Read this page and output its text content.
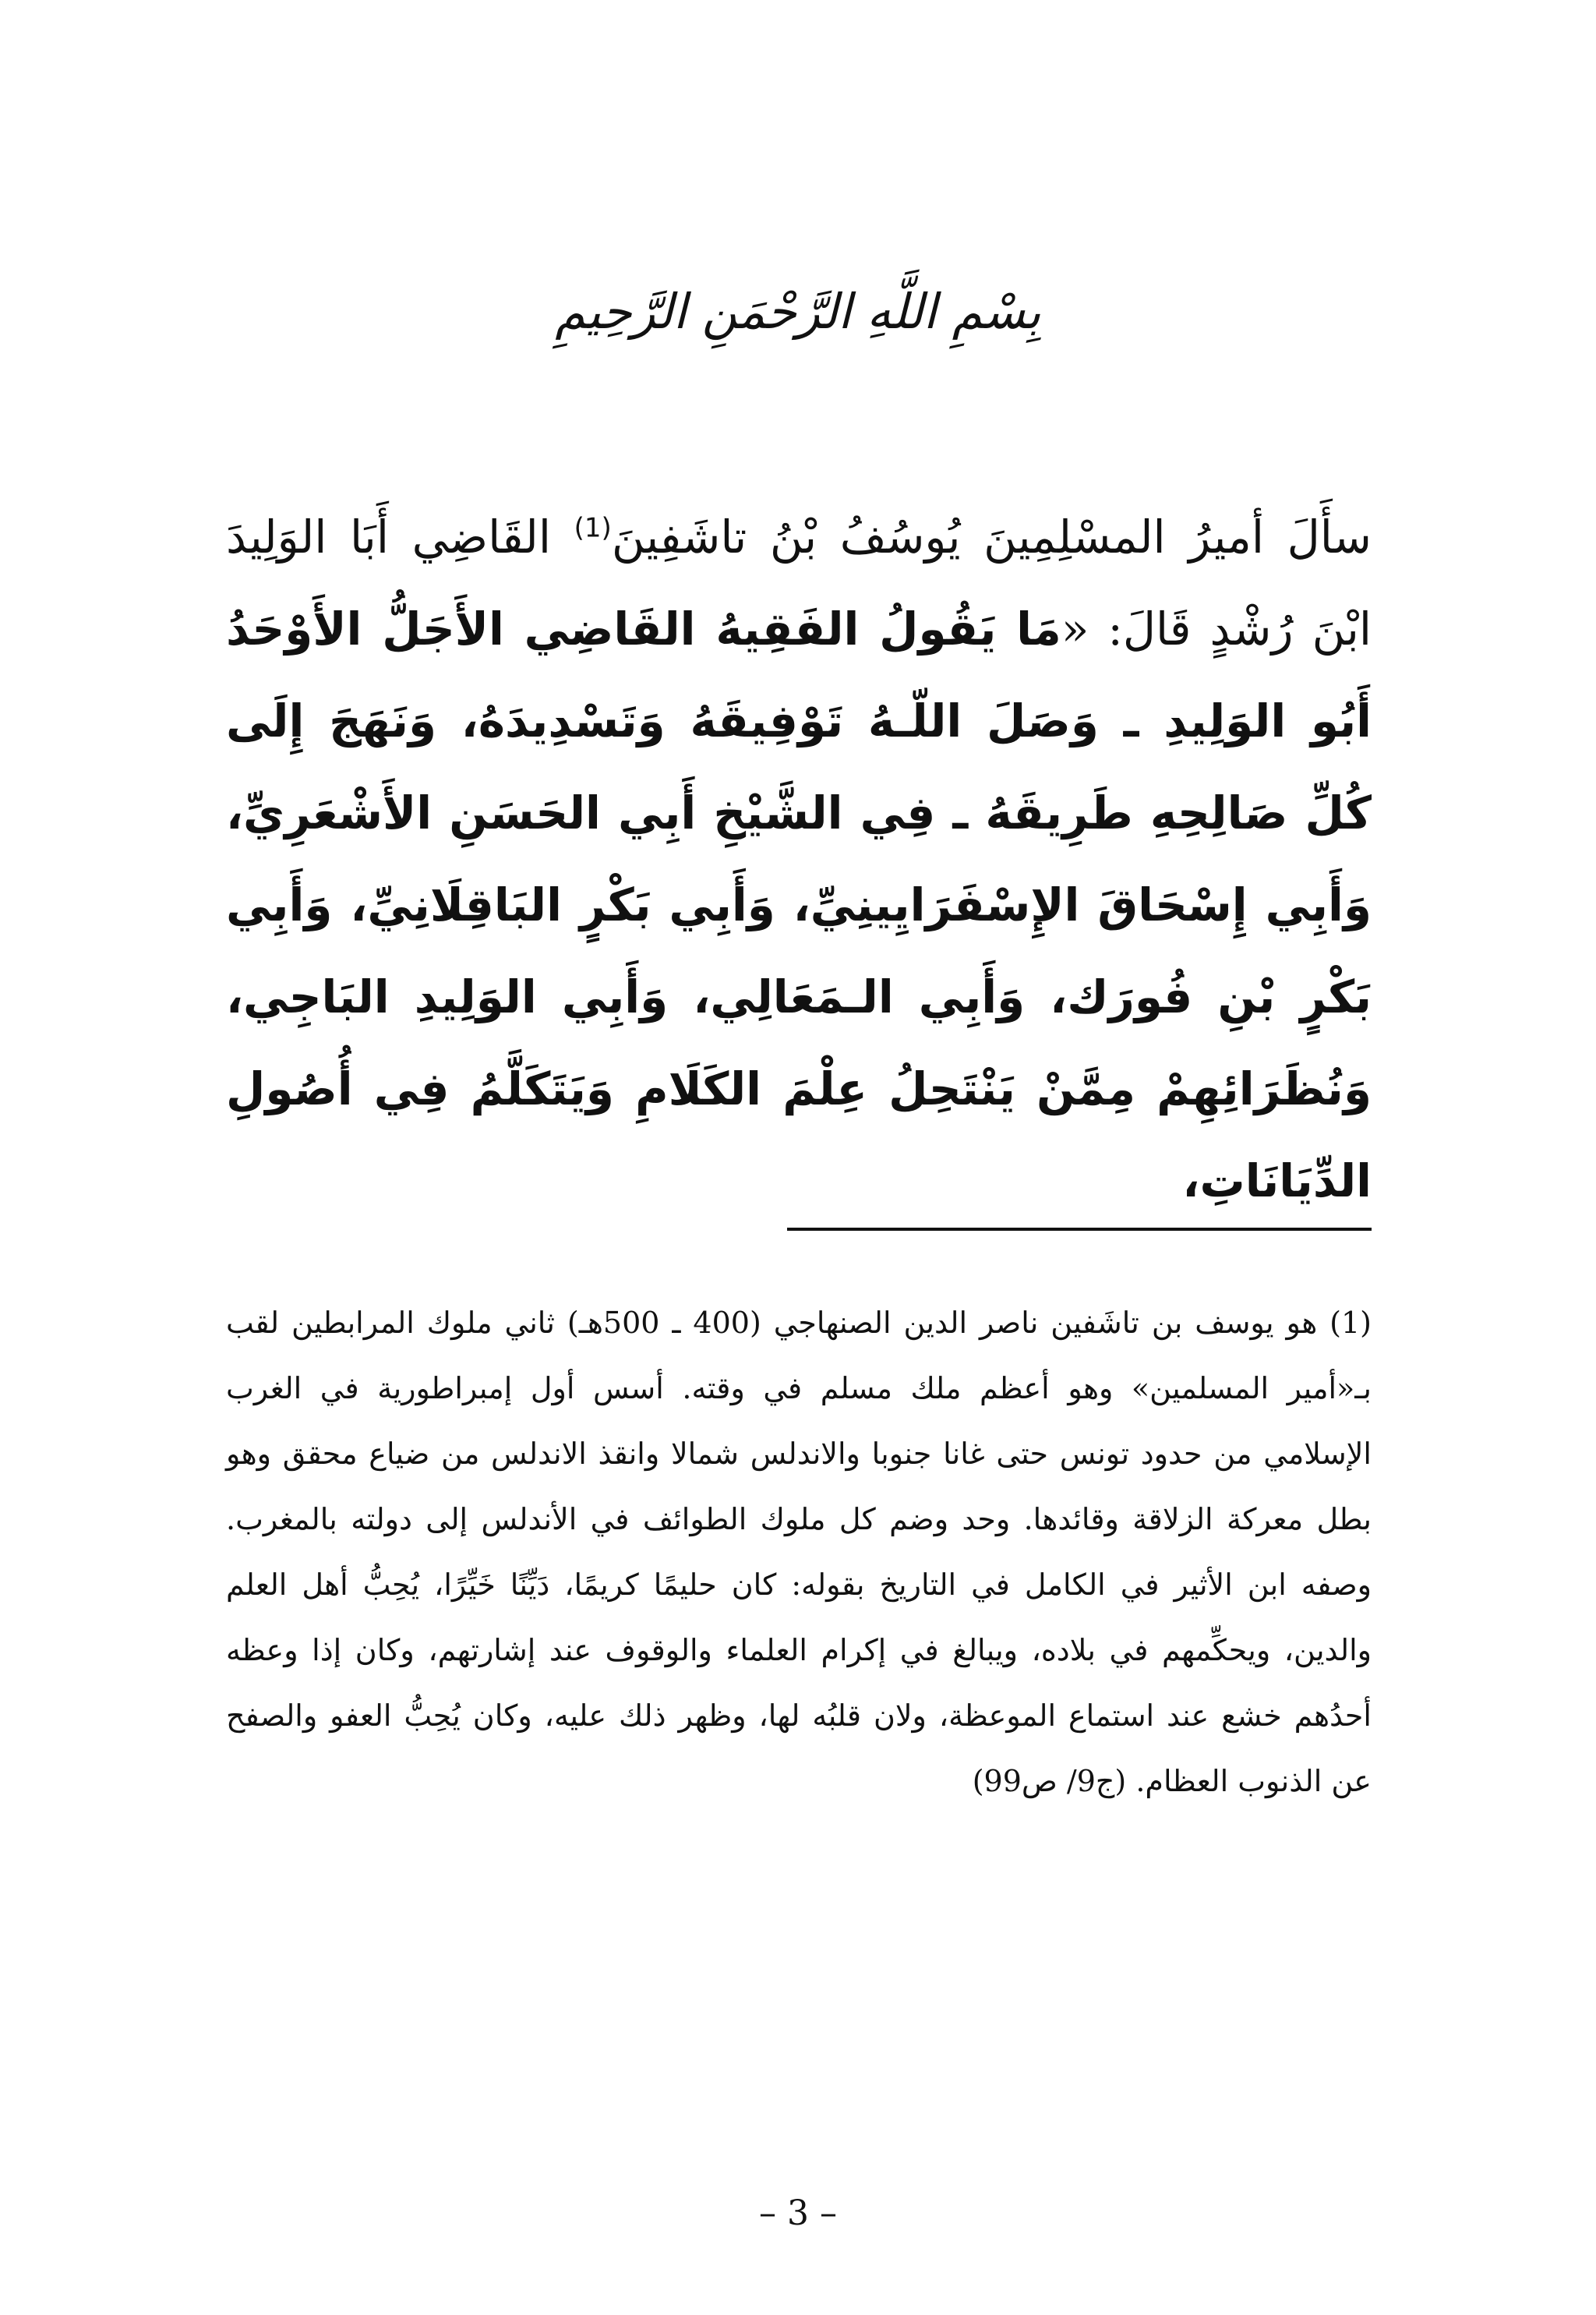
بِسْمِ اللَّهِ الرَّحْمَنِ الرَّحِيمِ
سأَلَ أميرُ المسْلِمِينَ يُوسُفُ بْنُ تاشَفِينَ$^{(1)}$ القَاضِي أَبَا الوَلِيدَ ابْنَ رُشْدٍ قَالَ: «مَا يَقُولُ الفَقِيهُ القَاضِي الأَجَلُّ الأَوْحَدُ أَبُو الوَلِيدِ ـ وَصَلَ اللّـهُ تَوْفِيقَهُ وَتَسْدِيدَهُ، وَنَهَجَ إِلَى كُلِّ صَالِحِهِ طَرِيقَهُ ـ فِي الشَّيْخِ أَبِي الحَسَنِ الأَشْعَرِيِّ، وَأَبِي إِسْحَاقَ الإِسْفَرَايِينِيِّ، وَأَبِي بَكْرٍ البَاقِلَانِيِّ، وَأَبِي بَكْرٍ بْنِ فُورَك، وَأَبِي الـمَعَالِي، وَأَبِي الوَلِيدِ البَاجِي، وَنُظَرَائِهِمْ مِمَّنْ يَنْتَحِلُ عِلْمَ الكَلَامِ وَيَتَكَلَّمُ فِي أُصُولِ الدِّيَانَاتِ،
(1) هو يوسف بن تاشَفين ناصر الدين الصنهاجي (400 ـ 500هـ) ثاني ملوك المرابطين لقب بـ«أمير المسلمين» وهو أعظم ملك مسلم في وقته. أسس أول إمبراطورية في الغرب الإسلامي من حدود تونس حتى غانا جنوبا والاندلس شمالا وانقذ الاندلس من ضياع محقق وهو بطل معركة الزلاقة وقائدها. وحد وضم كل ملوك الطوائف في الأندلس إلى دولته بالمغرب. وصفه ابن الأثير في الكامل في التاريخ بقوله: كان حليمًا كريمًا، دَيِّنًا خَيِّرًا، يُحِبُّ أهل العلم والدين، ويحكِّمهم في بلاده، ويبالغ في إكرام العلماء والوقوف عند إشارتهم، وكان إذا وعظه أحدُهم خشع عند استماع الموعظة، ولان قلبُه لها، وظهر ذلك عليه، وكان يُحِبُّ العفو والصفح عن الذنوب العظام. (ج9/ ص99)
– 3 –
